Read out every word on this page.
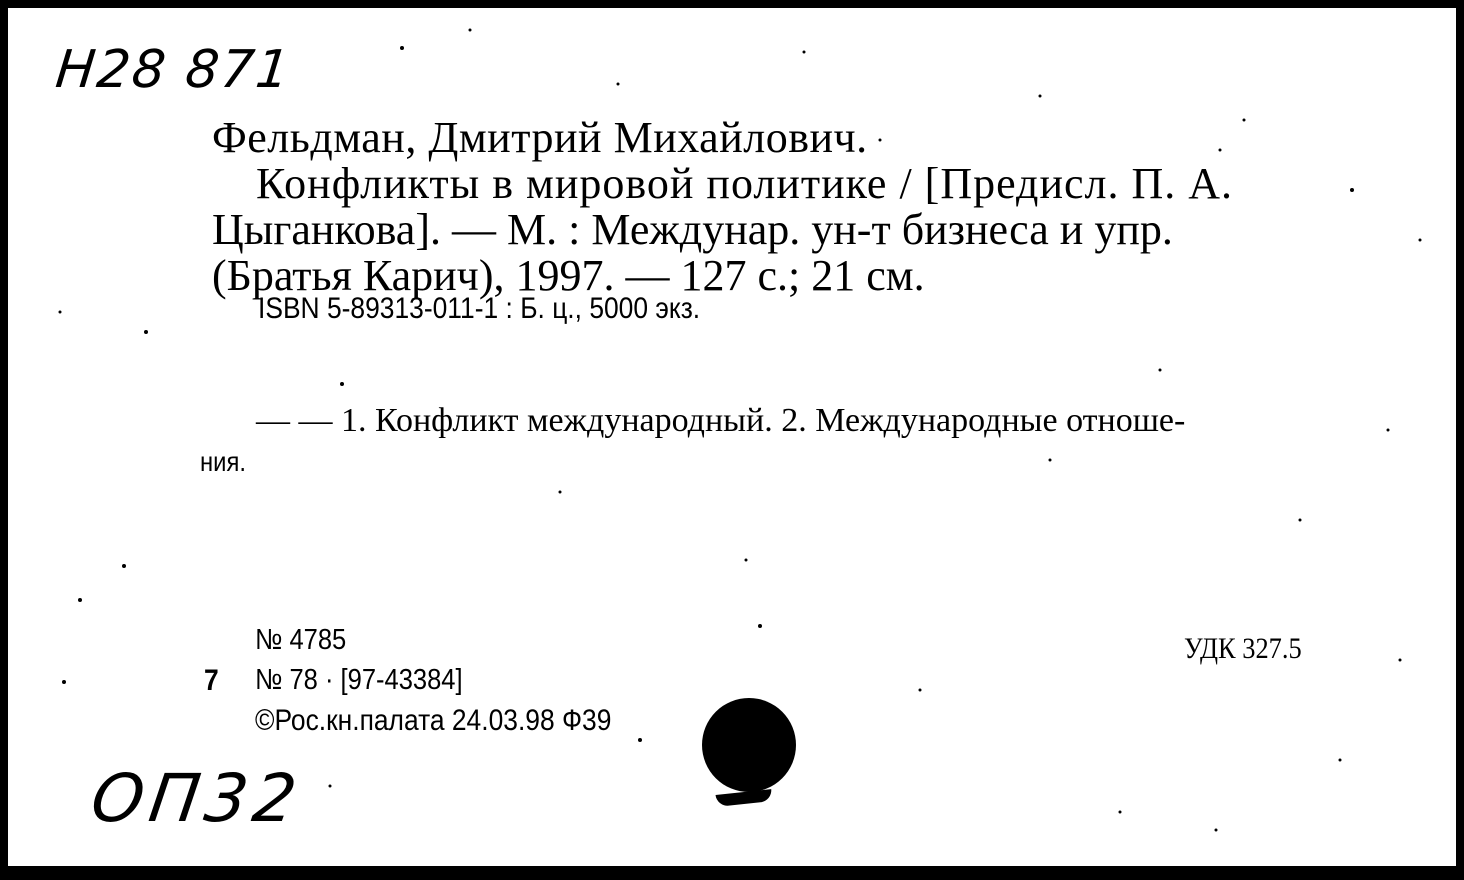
H28 871
Фельдман, Дмитрий Михайлович.
Конфликты в мировой политике / [Предисл. П. А.
Цыганкова]. — М. : Междунар. ун-т бизнеса и упр.
(Братья Карич), 1997. — 127 с.; 21 см.
ISBN 5-89313-011-1 : Б. ц., 5000 экз.
— — 1. Конфликт международный. 2. Международные отноше-
ния.
№ 4785
7 № 78 · [97-43384]
©Рос.кн.палата 24.03.98 Ф39
УДК 327.5
ОП32
